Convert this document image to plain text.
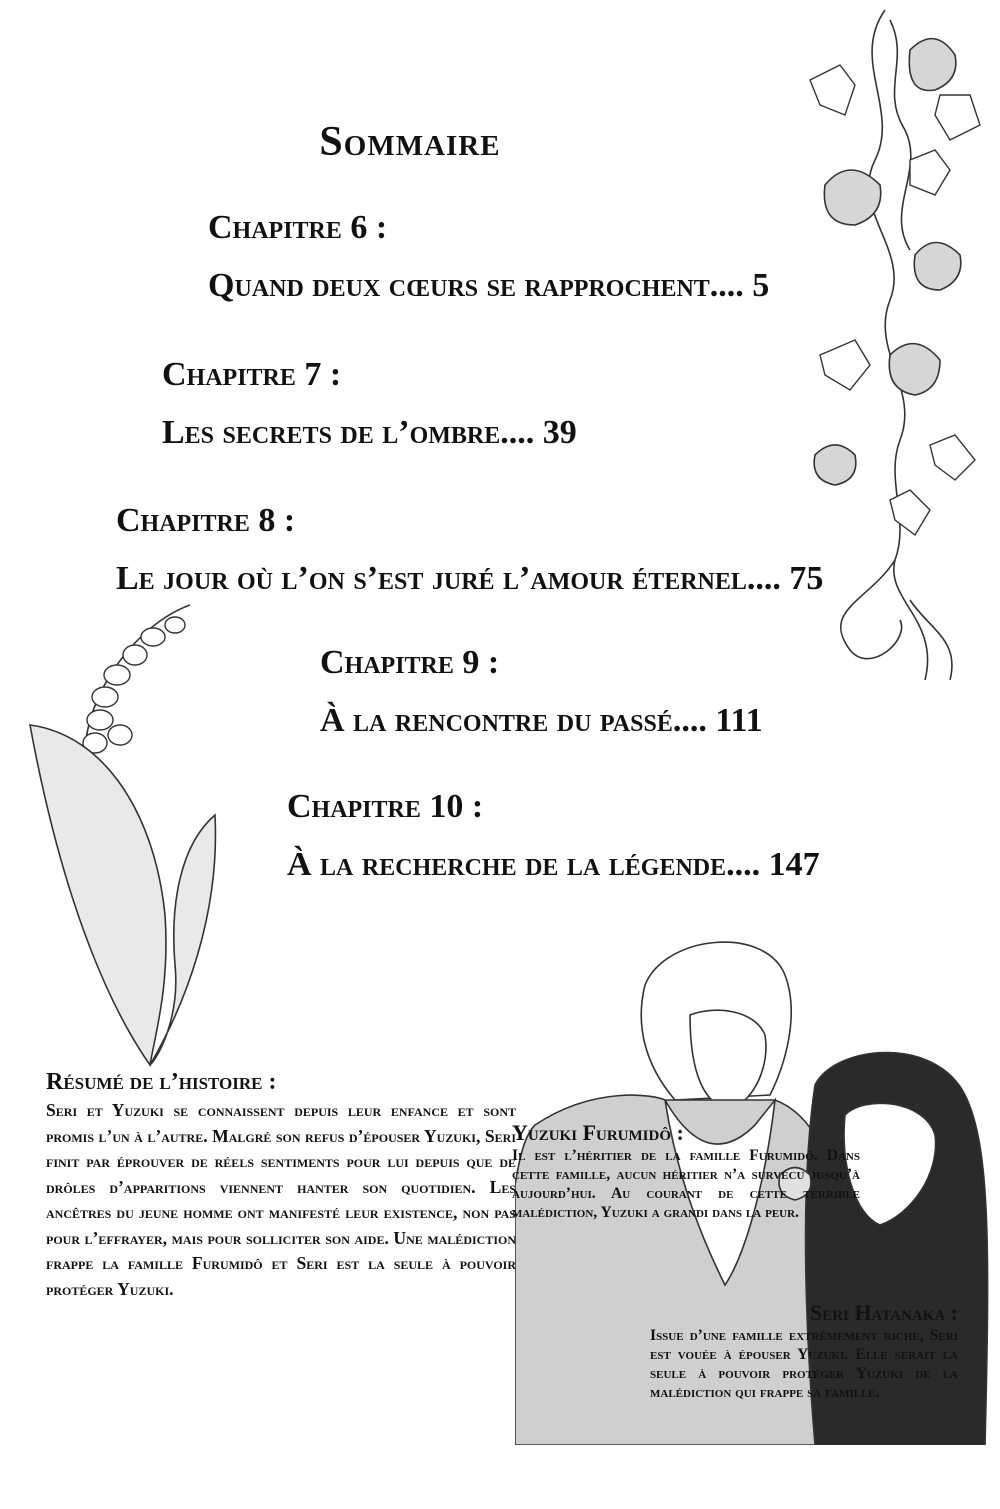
Sommaire
Chapitre 6 :
Quand deux cœurs se rapprochent.... 5
Chapitre 7 :
Les secrets de l’ombre.... 39
Chapitre 8 :
Le jour où l’on s’est juré l’amour éternel.... 75
Chapitre 9 :
À la rencontre du passé.... 111
Chapitre 10 :
À la recherche de la légende.... 147
Résumé de l’histoire :
Seri et Yuzuki se connaissent depuis leur enfance et sont promis l’un à l’autre. Malgré son refus d’épouser Yuzuki, Seri finit par éprouver de réels sentiments pour lui depuis que de drôles d’apparitions viennent hanter son quotidien. Les ancêtres du jeune homme ont manifesté leur existence, non pas pour l’effrayer, mais pour solliciter son aide. Une malédiction frappe la famille Furumidô et Seri est la seule à pouvoir protéger Yuzuki.
Yuzuki Furumidô :
Il est l’héritier de la famille Furumidô. Dans cette famille, aucun héritier n’a survécu jusqu’à aujourd’hui. Au courant de cette terrible malédiction, Yuzuki a grandi dans la peur.
Seri Hatanaka :
Issue d’une famille extrêmement riche, Seri est vouée à épouser Yuzuki. Elle serait la seule à pouvoir protéger Yuzuki de la malédiction qui frappe sa famille.
